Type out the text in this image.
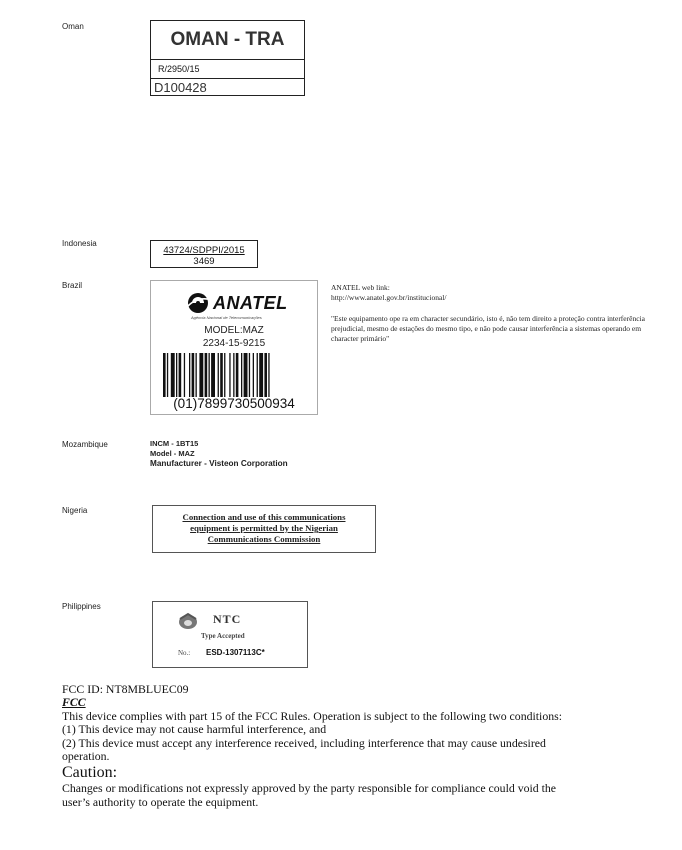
Oman
OMAN - TRA
R/2950/15
D100428
Indonesia
43724/SDPPI/2015
3469
Brazil
ANATEL
Agência Nacional de Telecomunicações
MODEL:MAZ
2234-15-9215
(01)7899730500934
ANATEL web link:
http://www.anatel.gov.br/institucional/
"Este equipamento ope ra em character secundário, isto é, não tem direito a proteção contra interferência prejudicial, mesmo de estações do mesmo tipo, e não pode causar interferência a sistemas operando em character primário"
Mozambique	INCM - 1BT15
Model - MAZ
Manufacturer - Visteon Corporation
Nigeria
Connection and use of this communications
equipment is permitted by the Nigerian
Communications Commission
Philippines
NTC
Type Accepted
No.: ESD-1307113C*
FCC ID: NT8MBLUEC09
FCC
This device complies with part 15 of the FCC Rules. Operation is subject to the following two conditions:
(1) This device may not cause harmful interference, and
(2) This device must accept any interference received, including interference that may cause undesired
operation.
Caution:
Changes or modifications not expressly approved by the party responsible for compliance could void the
user’s authority to operate the equipment.
